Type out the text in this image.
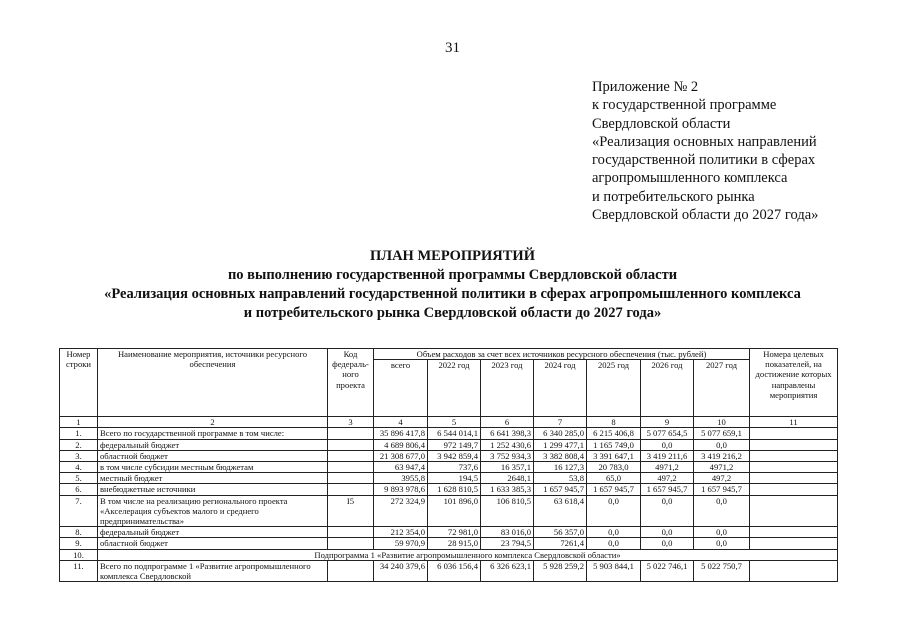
31
Приложение № 2
к государственной программе
Свердловской области
«Реализация основных направлений
государственной политики в сферах
агропромышленного комплекса
и потребительского рынка
Свердловской области до 2027 года»
ПЛАН МЕРОПРИЯТИЙ
по выполнению государственной программы Свердловской области
«Реализация основных направлений государственной политики в сферах агропромышленного комплекса
и потребительского рынка Свердловской области до 2027 года»
Номер строки	Наименование мероприятия, источники ресурсного обеспечения	Код федераль-ного проекта	Объем расходов за счет всех источников ресурсного обеспечения (тыс. рублей)							Номера целевых показателей, на достижение которых направлены мероприятия
			всего	2022 год	2023 год	2024 год	2025 год	2026 год	2027 год	
1	2	3	4	5	6	7	8	9	10	11
1.	Всего по государственной программе в том числе:		35 896 417,8	6 544 014,1	6 641 398,3	6 340 285,0	6 215 406,8	5 077 654,5	5 077 659,1	
2.	федеральный бюджет		4 689 806,4	972 149,7	1 252 430,6	1 299 477,1	1 165 749,0	0,0	0,0	
3.	областной бюджет		21 308 677,0	3 942 859,4	3 752 934,3	3 382 808,4	3 391 647,1	3 419 211,6	3 419 216,2	
4.	в том числе субсидии местным бюджетам		63 947,4	737,6	16 357,1	16 127,3	20 783,0	4971,2	4971,2	
5.	местный бюджет		3955,8	194,5	2648,1	53,8	65,0	497,2	497,2	
6.	внебюджетные источники		9 893 978,6	1 628 810,5	1 633 385,3	1 657 945,7	1 657 945,7	1 657 945,7	1 657 945,7	
7.	В том числе на реализацию регионального проекта «Акселерация субъектов малого и среднего предпринимательства»	I5	272 324,9	101 896,0	106 810,5	63 618,4	0,0	0,0	0,0	
8.	федеральный бюджет		212 354,0	72 981,0	83 016,0	56 357,0	0,0	0,0	0,0	
9.	областной бюджет		59 970,9	28 915,0	23 794,5	7261,4	0,0	0,0	0,0	
10.	Подпрограмма 1 «Развитие агропромышленного комплекса Свердловской области»									
11.	Всего по подпрограмме 1 «Развитие агропромышленного комплекса Свердловской		34 240 379,6	6 036 156,4	6 326 623,1	5 928 259,2	5 903 844,1	5 022 746,1	5 022 750,7	
